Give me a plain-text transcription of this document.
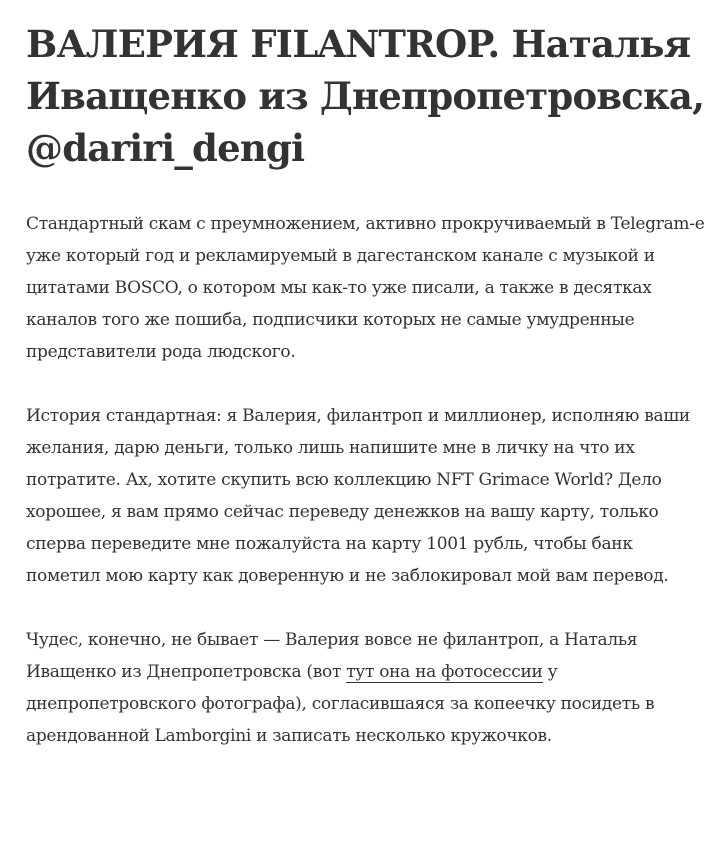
ВАЛЕРИЯ FILANTROP. Наталья Иващенко из Днепропетровска, @dariri_dengi

Стандартный скам с преумножением, активно прокручиваемый в Telegram-е уже который год и рекламируемый в дагестанском канале с музыкой и цитатами BOSCO, о котором мы как-то уже писали, а также в десятках каналов того же пошиба, подписчики которых не самые умудренные представители рода людского.

История стандартная: я Валерия, филантроп и миллионер, исполняю ваши желания, дарю деньги, только лишь напишите мне в личку на что их потратите. Ах, хотите скупить всю коллекцию NFT Grimace World? Дело хорошее, я вам прямо сейчас переведу денежков на вашу карту, только сперва переведите мне пожалуйста на карту 1001 рубль, чтобы банк пометил мою карту как доверенную и не заблокировал мой вам перевод.

Чудес, конечно, не бывает — Валерия вовсе не филантроп, а Наталья Иващенко из Днепропетровска (вот тут она на фотосессии у днепропетровского фотографа), согласившаяся за копеечку посидеть в арендованной Lamborgini и записать несколько кружочков.
